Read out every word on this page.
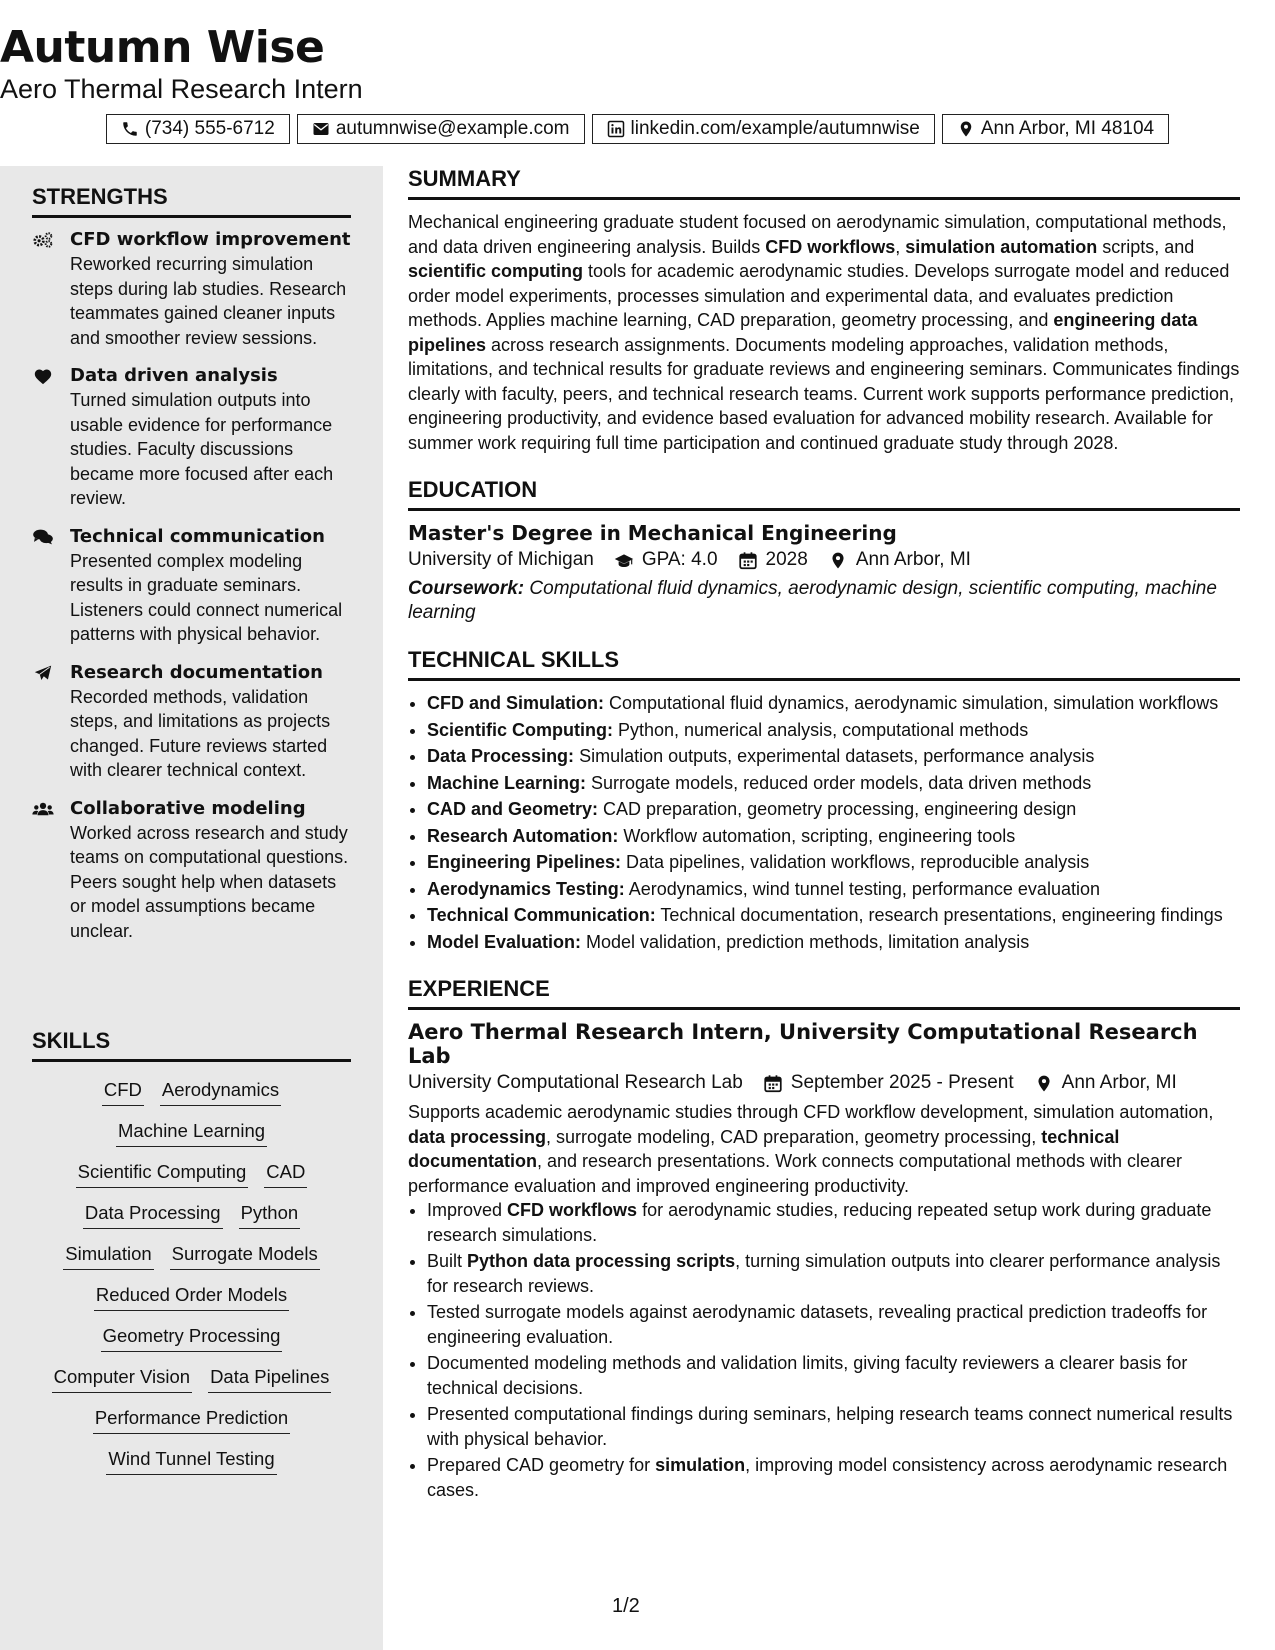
Autumn Wise
Aero Thermal Research Intern
(734) 555-6712	autumnwise@example.com	linkedin.com/example/autumnwise	Ann Arbor, MI 48104
STRENGTHS
CFD workflow improvement
Reworked recurring simulation steps during lab studies. Research teammates gained cleaner inputs and smoother review sessions.
Data driven analysis
Turned simulation outputs into usable evidence for performance studies. Faculty discussions became more focused after each review.
Technical communication
Presented complex modeling results in graduate seminars. Listeners could connect numerical patterns with physical behavior.
Research documentation
Recorded methods, validation steps, and limitations as projects changed. Future reviews started with clearer technical context.
Collaborative modeling
Worked across research and study teams on computational questions. Peers sought help when datasets or model assumptions became unclear.
SKILLS
CFD Aerodynamics
Machine Learning
Scientific Computing CAD
Data Processing Python
Simulation Surrogate Models
Reduced Order Models
Geometry Processing
Computer Vision Data Pipelines
Performance Prediction
Wind Tunnel Testing
SUMMARY
Mechanical engineering graduate student focused on aerodynamic simulation, computational methods, and data driven engineering analysis. Builds CFD workflows, simulation automation scripts, and scientific computing tools for academic aerodynamic studies. Develops surrogate model and reduced order model experiments, processes simulation and experimental data, and evaluates prediction methods. Applies machine learning, CAD preparation, geometry processing, and engineering data pipelines across research assignments. Documents modeling approaches, validation methods, limitations, and technical results for graduate reviews and engineering seminars. Communicates findings clearly with faculty, peers, and technical research teams. Current work supports performance prediction, engineering productivity, and evidence based evaluation for advanced mobility research. Available for summer work requiring full time participation and continued graduate study through 2028.
EDUCATION
Master's Degree in Mechanical Engineering
University of Michigan	GPA: 4.0	2028	Ann Arbor, MI
Coursework: Computational fluid dynamics, aerodynamic design, scientific computing, machine learning
TECHNICAL SKILLS
• CFD and Simulation: Computational fluid dynamics, aerodynamic simulation, simulation workflows
• Scientific Computing: Python, numerical analysis, computational methods
• Data Processing: Simulation outputs, experimental datasets, performance analysis
• Machine Learning: Surrogate models, reduced order models, data driven methods
• CAD and Geometry: CAD preparation, geometry processing, engineering design
• Research Automation: Workflow automation, scripting, engineering tools
• Engineering Pipelines: Data pipelines, validation workflows, reproducible analysis
• Aerodynamics Testing: Aerodynamics, wind tunnel testing, performance evaluation
• Technical Communication: Technical documentation, research presentations, engineering findings
• Model Evaluation: Model validation, prediction methods, limitation analysis
EXPERIENCE
Aero Thermal Research Intern, University Computational Research Lab
University Computational Research Lab	September 2025 - Present	Ann Arbor, MI
Supports academic aerodynamic studies through CFD workflow development, simulation automation, data processing, surrogate modeling, CAD preparation, geometry processing, technical documentation, and research presentations. Work connects computational methods with clearer performance evaluation and improved engineering productivity.
• Improved CFD workflows for aerodynamic studies, reducing repeated setup work during graduate research simulations.
• Built Python data processing scripts, turning simulation outputs into clearer performance analysis for research reviews.
• Tested surrogate models against aerodynamic datasets, revealing practical prediction tradeoffs for engineering evaluation.
• Documented modeling methods and validation limits, giving faculty reviewers a clearer basis for technical decisions.
• Presented computational findings during seminars, helping research teams connect numerical results with physical behavior.
• Prepared CAD geometry for simulation, improving model consistency across aerodynamic research cases.
1/2
